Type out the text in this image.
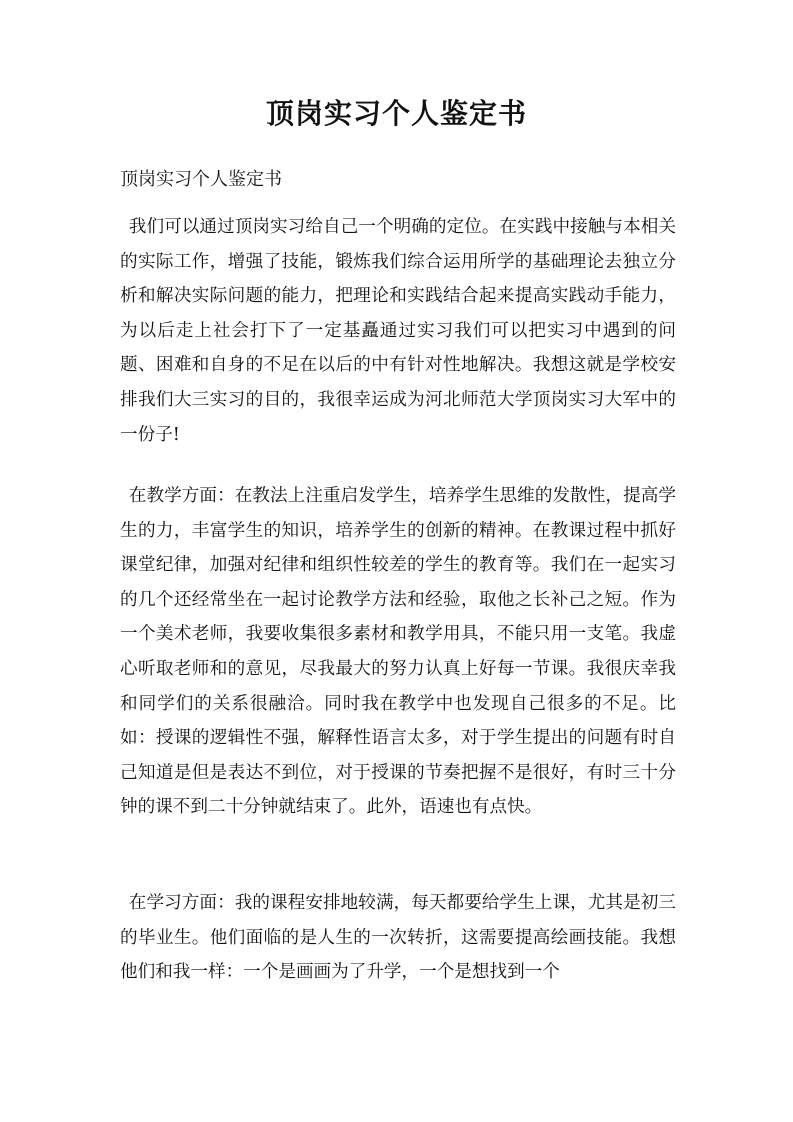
顶岗实习个人鉴定书

顶岗实习个人鉴定书

我们可以通过顶岗实习给自己一个明确的定位。在实践中接触与本相关的实际工作，增强了技能，锻炼我们综合运用所学的基础理论去独立分析和解决实际问题的能力，把理论和实践结合起来提高实践动手能力，为以后走上社会打下了一定基矗通过实习我们可以把实习中遇到的问题、困难和自身的不足在以后的中有针对性地解决。我想这就是学校安排我们大三实习的目的，我很幸运成为河北师范大学顶岗实习大军中的一份子!

在教学方面：在教法上注重启发学生，培养学生思维的发散性，提高学生的力，丰富学生的知识，培养学生的创新的精神。在教课过程中抓好课堂纪律，加强对纪律和组织性较差的学生的教育等。我们在一起实习的几个还经常坐在一起讨论教学方法和经验，取他之长补己之短。作为一个美术老师，我要收集很多素材和教学用具，不能只用一支笔。我虚心听取老师和的意见，尽我最大的努力认真上好每一节课。我很庆幸我和同学们的关系很融洽。同时我在教学中也发现自己很多的不足。比如：授课的逻辑性不强，解释性语言太多，对于学生提出的问题有时自己知道是但是表达不到位，对于授课的节奏把握不是很好，有时三十分钟的课不到二十分钟就结束了。此外，语速也有点快。

在学习方面：我的课程安排地较满，每天都要给学生上课，尤其是初三的毕业生。他们面临的是人生的一次转折，这需要提高绘画技能。我想他们和我一样：一个是画画为了升学，一个是想找到一个
